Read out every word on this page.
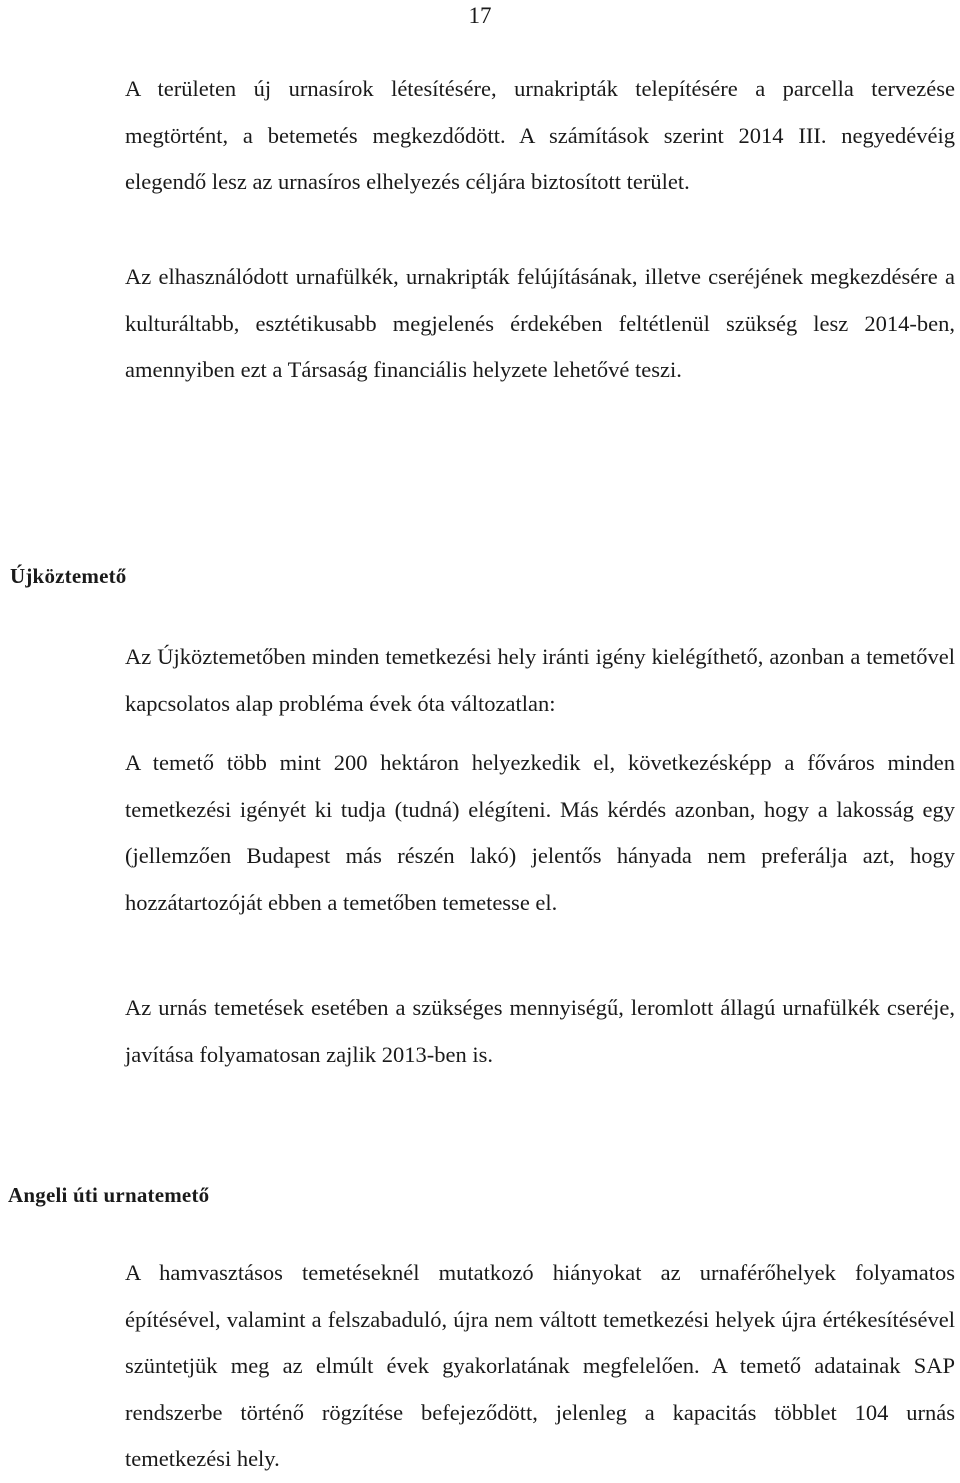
17

A területen új urnasírok létesítésére, urnakripták telepítésére a parcella tervezése megtörtént, a betemetés megkezdődött. A számítások szerint 2014 III. negyedévéig elegendő lesz az urnasíros elhelyezés céljára biztosított terület.

Az elhasználódott urnafülkék, urnakripták felújításának, illetve cseréjének megkezdésére a kulturáltabb, esztétikusabb megjelenés érdekében feltétlenül szükség lesz 2014-ben, amennyiben ezt a Társaság financiális helyzete lehetővé teszi.

Újköztemető

Az Újköztemetőben minden temetkezési hely iránti igény kielégíthető, azonban a temetővel kapcsolatos alap probléma évek óta változatlan:

A temető több mint 200 hektáron helyezkedik el, következésképp a főváros minden temetkezési igényét ki tudja (tudná) elégíteni. Más kérdés azonban, hogy a lakosság egy (jellemzően Budapest más részén lakó) jelentős hányada nem preferálja azt, hogy hozzátartozóját ebben a temetőben temetesse el.

Az urnás temetések esetében a szükséges mennyiségű, leromlott állagú urnafülkék cseréje, javítása folyamatosan zajlik 2013-ben is.

Angeli úti urnatemető

A hamvasztásos temetéseknél mutatkozó hiányokat az urnaférőhelyek folyamatos építésével, valamint a felszabaduló, újra nem váltott temetkezési helyek újra értékesítésével szüntetjük meg az elmúlt évek gyakorlatának megfelelően. A temető adatainak SAP rendszerbe történő rögzítése befejeződött, jelenleg a kapacitás többlet 104 urnás temetkezési hely.
